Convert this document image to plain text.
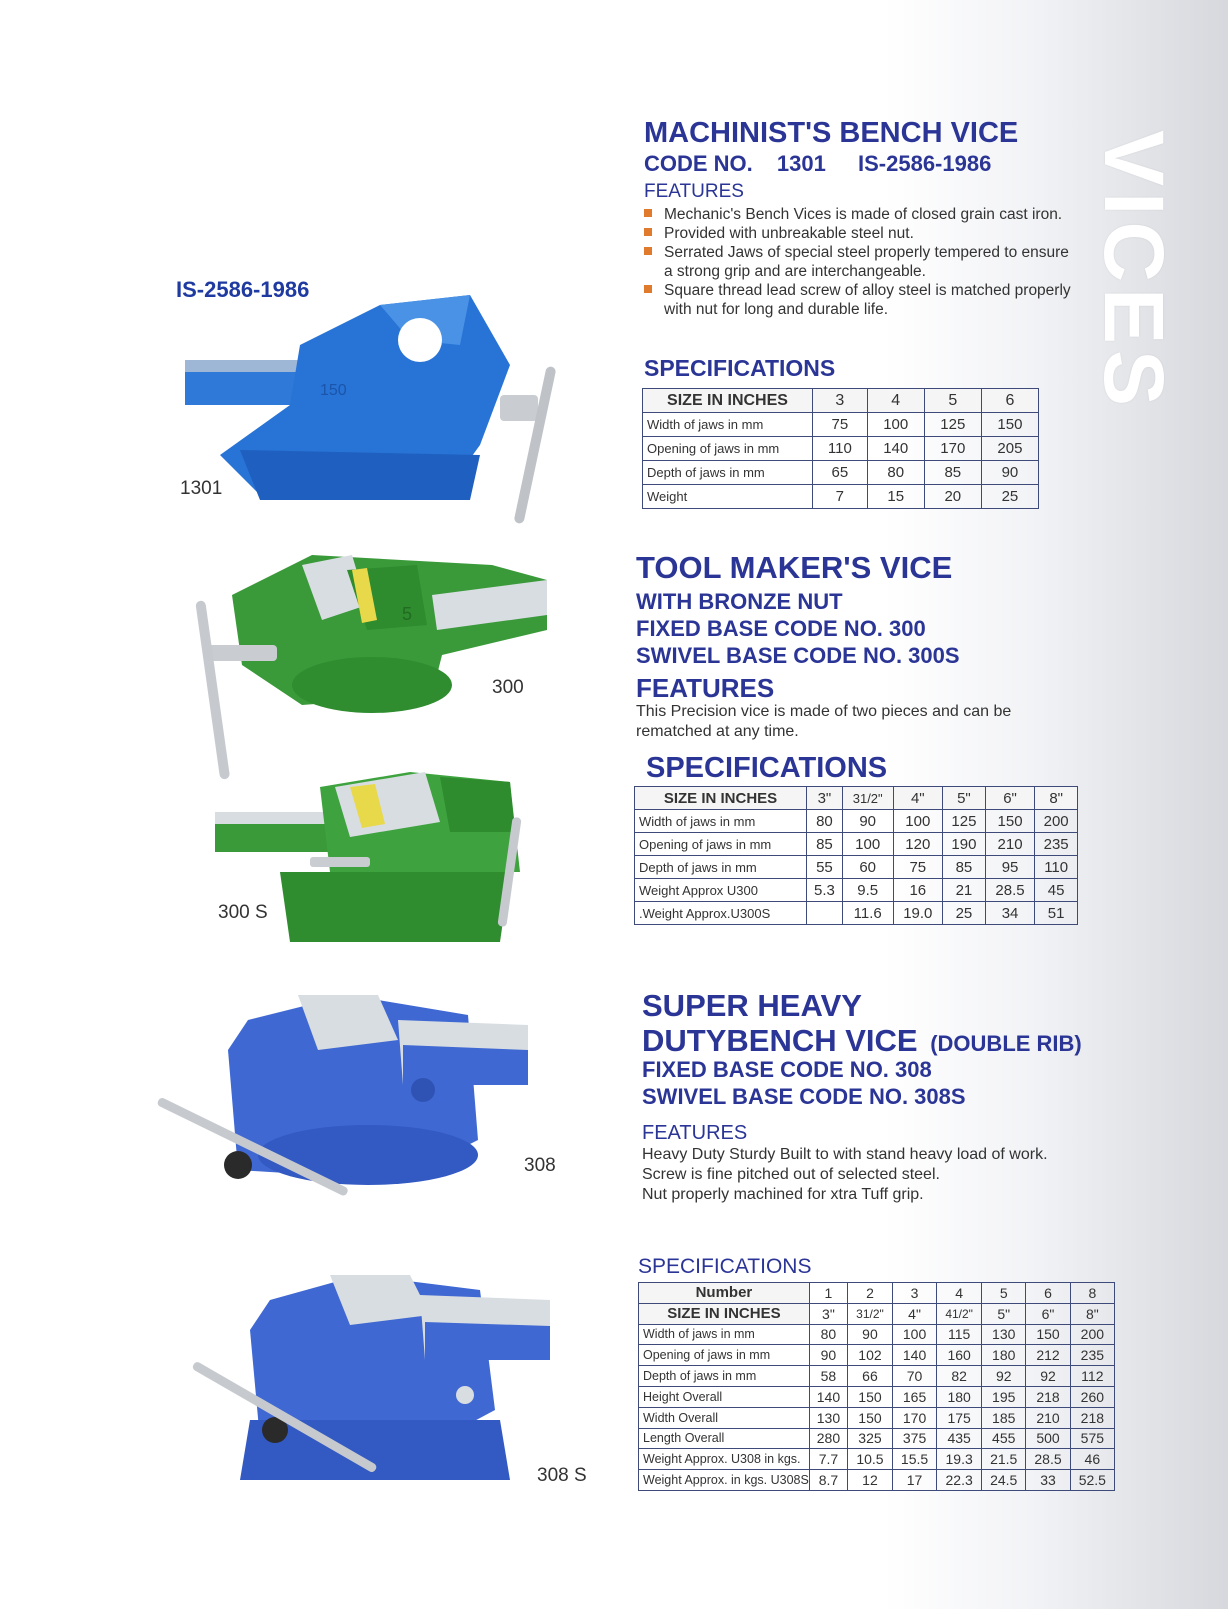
VICES
IS-2586-1986
150
1301
5
300
300 S
308
308 S
MACHINIST'S BENCH VICE
CODE NO. 1301 IS-2586-1986
FEATURES
Mechanic's Bench Vices is made of closed grain cast iron.
Provided with unbreakable steel nut.
Serrated Jaws of special steel properly tempered to ensure a strong grip and are interchangeable.
Square thread lead screw of alloy steel is matched properly with nut for long and durable life.
SPECIFICATIONS
SIZE IN INCHES	3	4	5	6
Width of jaws in mm	75	100	125	150
Opening of jaws in mm	110	140	170	205
Depth of jaws in mm	65	80	85	90
Weight	7	15	20	25
TOOL MAKER'S VICE
WITH BRONZE NUT
FIXED BASE CODE NO. 300
SWIVEL BASE CODE NO. 300S
FEATURES
This Precision vice is made of two pieces and can be rematched at any time.
SPECIFICATIONS
SIZE IN INCHES	3"	31/2"	4"	5"	6"	8"
Width of jaws in mm	80	90	100	125	150	200
Opening of jaws in mm	85	100	120	190	210	235
Depth of jaws in mm	55	60	75	85	95	110
Weight Approx U300	5.3	9.5	16	21	28.5	45
.Weight Approx.U300S		11.6	19.0	25	34	51
SUPER HEAVY
DUTYBENCH VICE (DOUBLE RIB)
FIXED BASE CODE NO. 308
SWIVEL BASE CODE NO. 308S
FEATURES
Heavy Duty Sturdy Built to with stand heavy load of work.
Screw is fine pitched out of selected steel.
Nut properly machined for xtra Tuff grip.
SPECIFICATIONS
Number	1	2	3	4	5	6	8
SIZE IN INCHES	3"	31/2"	4"	41/2"	5"	6"	8"
Width of jaws in mm	80	90	100	115	130	150	200
Opening of jaws in mm	90	102	140	160	180	212	235
Depth of jaws in mm	58	66	70	82	92	92	112
Height Overall	140	150	165	180	195	218	260
Width Overall	130	150	170	175	185	210	218
Length Overall	280	325	375	435	455	500	575
Weight Approx. U308 in kgs.	7.7	10.5	15.5	19.3	21.5	28.5	46
Weight Approx. in kgs. U308S	8.7	12	17	22.3	24.5	33	52.5
